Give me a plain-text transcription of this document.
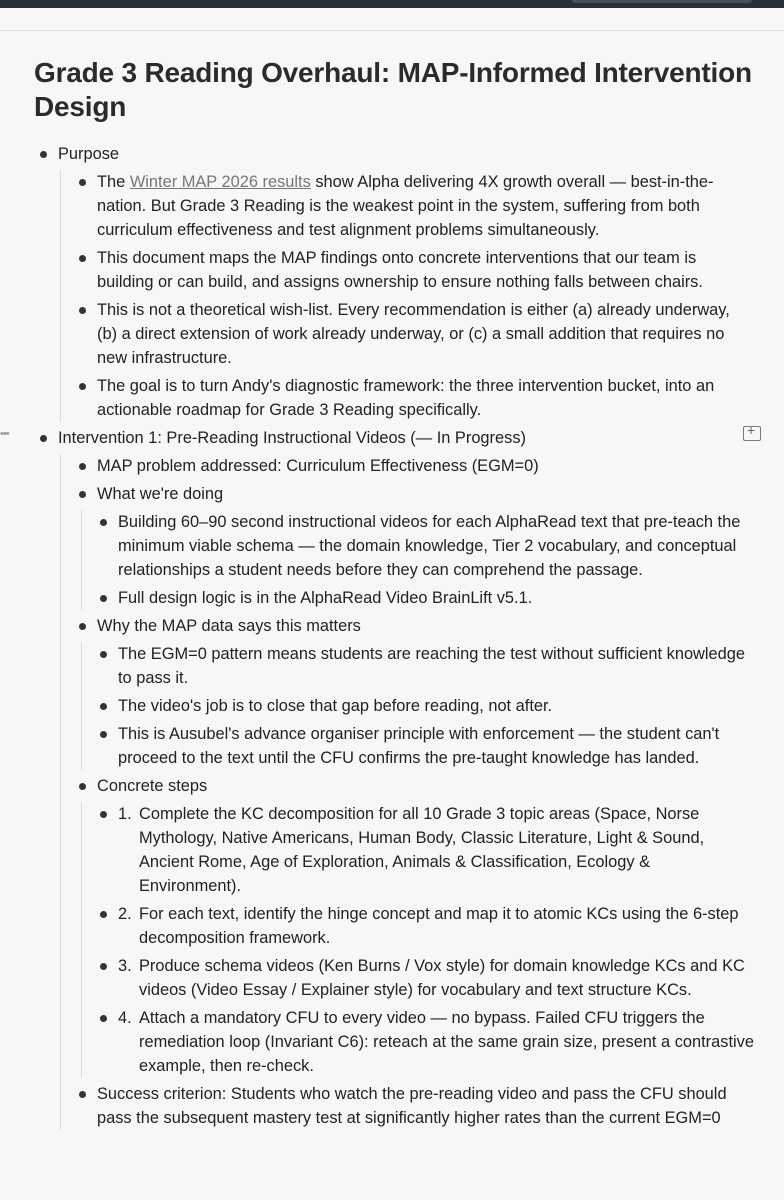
•••
+
Grade 3 Reading Overhaul: MAP-Informed Intervention Design
Purpose
The Winter MAP 2026 results show Alpha delivering 4X growth overall — best-in-the-nation. But Grade 3 Reading is the weakest point in the system, suffering from both curriculum effectiveness and test alignment problems simultaneously.
This document maps the MAP findings onto concrete interventions that our team is building or can build, and assigns ownership to ensure nothing falls between chairs.
This is not a theoretical wish-list. Every recommendation is either (a) already underway, (b) a direct extension of work already underway, or (c) a small addition that requires no new infrastructure.
The goal is to turn Andy's diagnostic framework: the three intervention bucket, into an actionable roadmap for Grade 3 Reading specifically.
Intervention 1: Pre-Reading Instructional Videos (— In Progress)
MAP problem addressed: Curriculum Effectiveness (EGM=0)
What we're doing
Building 60–90 second instructional videos for each AlphaRead text that pre-teach the minimum viable schema — the domain knowledge, Tier 2 vocabulary, and conceptual relationships a student needs before they can comprehend the passage.
Full design logic is in the AlphaRead Video BrainLift v5.1.
Why the MAP data says this matters
The EGM=0 pattern means students are reaching the test without sufficient knowledge to pass it.
The video's job is to close that gap before reading, not after.
This is Ausubel's advance organiser principle with enforcement — the student can't proceed to the text until the CFU confirms the pre-taught knowledge has landed.
Concrete steps
1. Complete the KC decomposition for all 10 Grade 3 topic areas (Space, Norse Mythology, Native Americans, Human Body, Classic Literature, Light & Sound, Ancient Rome, Age of Exploration, Animals & Classification, Ecology & Environment).
2. For each text, identify the hinge concept and map it to atomic KCs using the 6-step decomposition framework.
3. Produce schema videos (Ken Burns / Vox style) for domain knowledge KCs and KC videos (Video Essay / Explainer style) for vocabulary and text structure KCs.
4. Attach a mandatory CFU to every video — no bypass. Failed CFU triggers the remediation loop (Invariant C6): reteach at the same grain size, present a contrastive example, then re-check.
Success criterion: Students who watch the pre-reading video and pass the CFU should pass the subsequent mastery test at significantly higher rates than the current EGM=0
